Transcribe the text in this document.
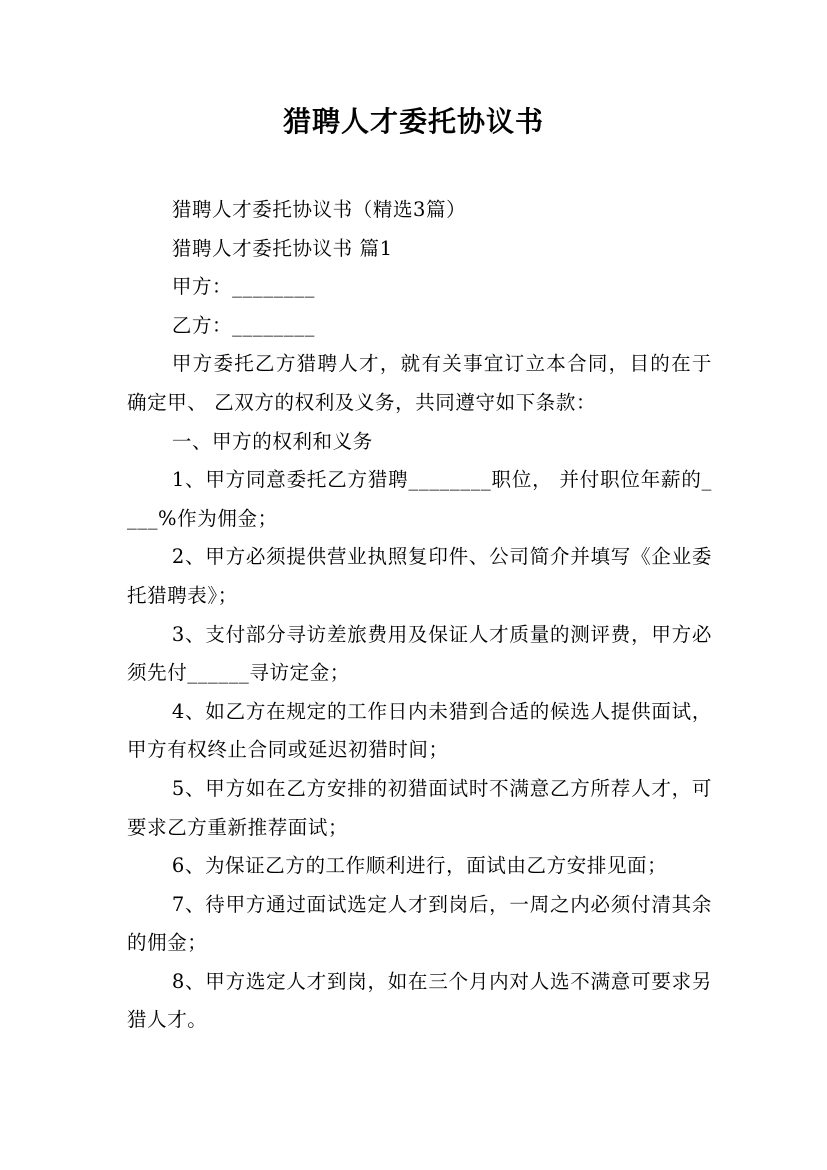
猎聘人才委托协议书

猎聘人才委托协议书（精选3篇）

猎聘人才委托协议书 篇1

甲方：________

乙方：________

甲方委托乙方猎聘人才，就有关事宜订立本合同，目的在于确定甲、 乙双方的权利及义务，共同遵守如下条款：

一、甲方的权利和义务

1、甲方同意委托乙方猎聘________职位， 并付职位年薪的____%作为佣金；

2、甲方必须提供营业执照复印件、公司简介并填写《企业委托猎聘表》；

3、支付部分寻访差旅费用及保证人才质量的测评费，甲方必须先付______寻访定金；

4、如乙方在规定的工作日内未猎到合适的候选人提供面试，甲方有权终止合同或延迟初猎时间；

5、甲方如在乙方安排的初猎面试时不满意乙方所荐人才，可要求乙方重新推荐面试；

6、为保证乙方的工作顺利进行，面试由乙方安排见面；

7、待甲方通过面试选定人才到岗后，一周之内必须付清其余的佣金；

8、甲方选定人才到岗，如在三个月内对人选不满意可要求另猎人才。
